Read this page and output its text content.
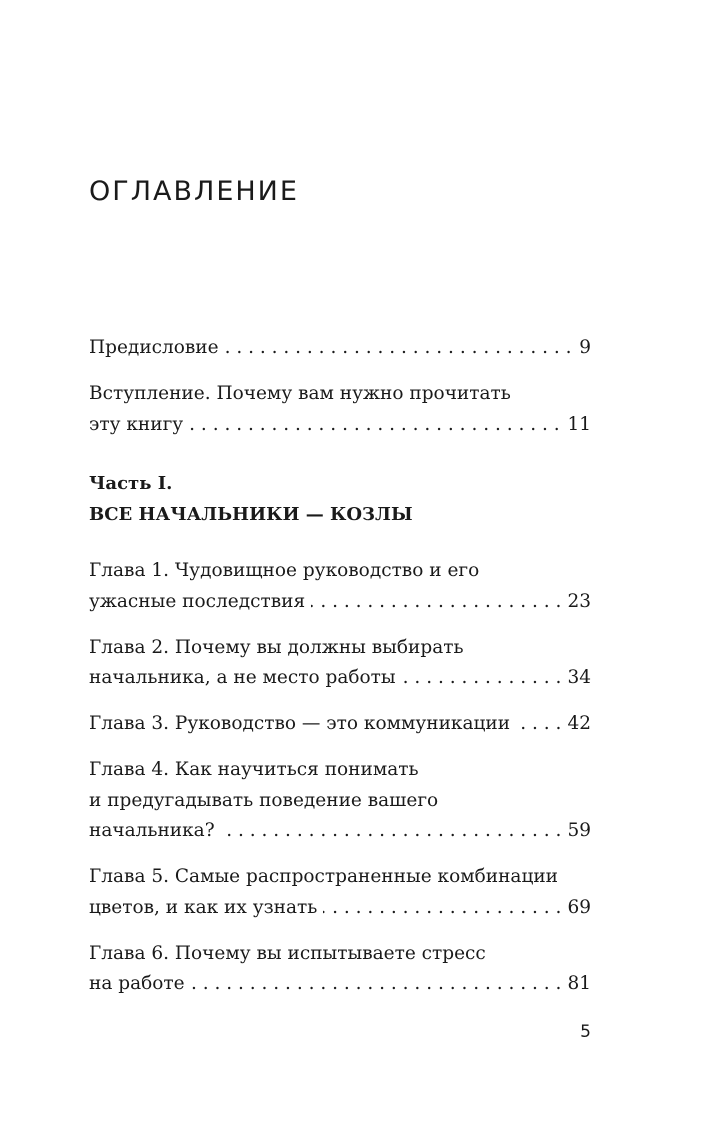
ОГЛАВЛЕНИЕ
Предисловие . . .	9
Вступление. Почему вам нужно прочитать
эту книгу . . .	11
Часть I.
ВСЕ НАЧАЛЬНИКИ — КОЗЛЫ
Глава 1. Чудовищное руководство и его
ужасные последствия . . .	23
Глава 2. Почему вы должны выбирать
начальника, а не место работы . . .	34
Глава 3. Руководство — это коммуникации . . .	42
Глава 4. Как научиться понимать
и предугадывать поведение вашего
начальника? . . .	59
Глава 5. Самые распространенные комбинации
цветов, и как их узнать . . .	69
Глава 6. Почему вы испытываете стресс
на работе . . .	81
5
